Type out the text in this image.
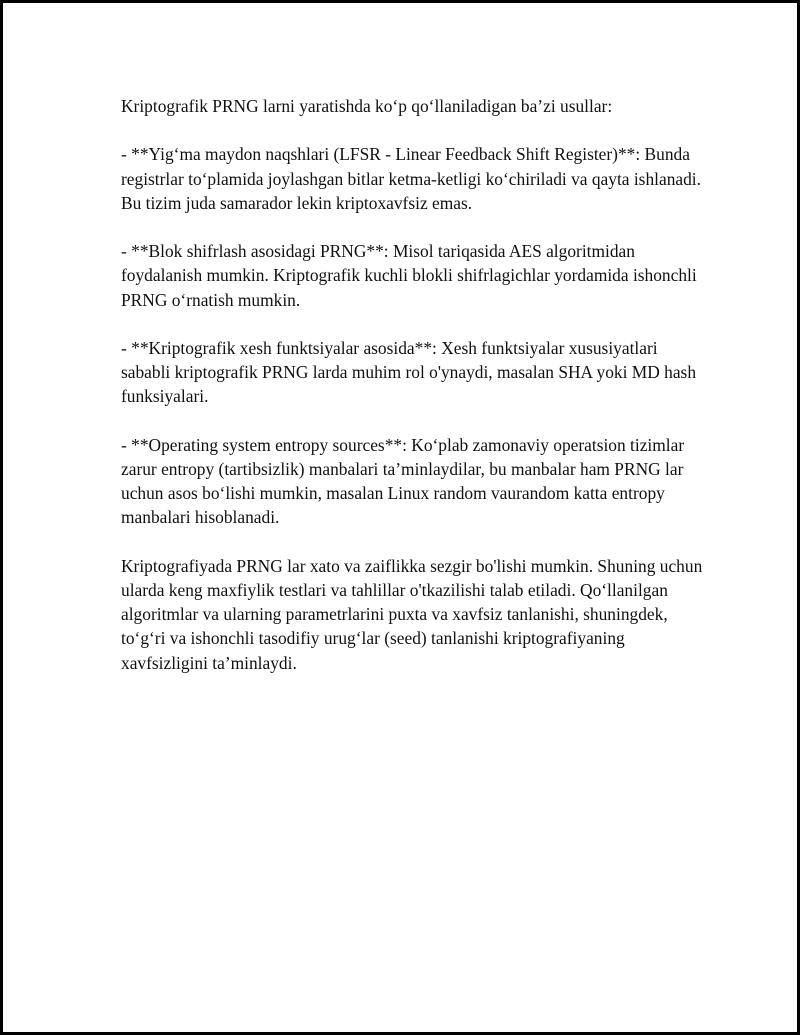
Kriptografik PRNG larni yaratishda ko‘p qo‘llaniladigan ba’zi usullar:

- **Yig‘ma maydon naqshlari (LFSR - Linear Feedback Shift Register)**: Bunda registrlar to‘plamida joylashgan bitlar ketma-ketligi ko‘chiriladi va qayta ishlanadi. Bu tizim juda samarador lekin kriptoxavfsiz emas.

- **Blok shifrlash asosidagi PRNG**: Misol tariqasida AES algoritmidan foydalanish mumkin. Kriptografik kuchli blokli shifrlagichlar yordamida ishonchli PRNG o‘rnatish mumkin.

- **Kriptografik xesh funktsiyalar asosida**: Xesh funktsiyalar xususiyatlari sababli kriptografik PRNG larda muhim rol o'ynaydi, masalan SHA yoki MD hash funksiyalari.

- **Operating system entropy sources**: Ko‘plab zamonaviy operatsion tizimlar zarur entropy (tartibsizlik) manbalari ta’minlaydilar, bu manbalar ham PRNG lar uchun asos bo‘lishi mumkin, masalan Linux random vaurandom katta entropy manbalari hisoblanadi.

Kriptografiyada PRNG lar xato va zaiflikka sezgir bo'lishi mumkin. Shuning uchun ularda keng maxfiylik testlari va tahlillar o'tkazilishi talab etiladi. Qo‘llanilgan algoritmlar va ularning parametrlarini puxta va xavfsiz tanlanishi, shuningdek, to‘g‘ri va ishonchli tasodifiy urug‘lar (seed) tanlanishi kriptografiyaning xavfsizligini ta’minlaydi.
